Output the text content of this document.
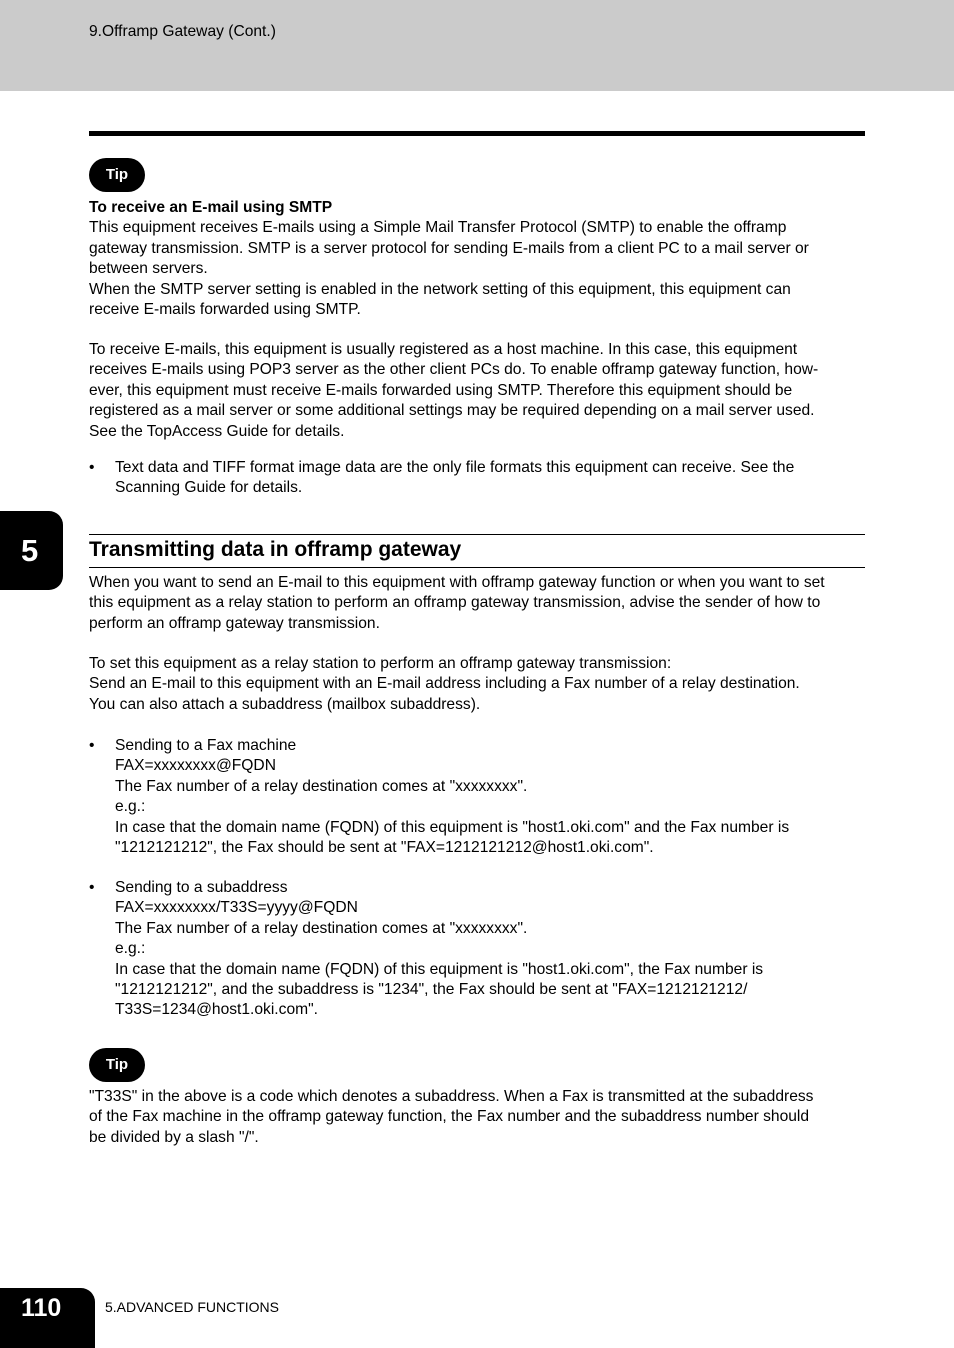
9.Offramp Gateway (Cont.)
Tip
To receive an E-mail using SMTP
This equipment receives E-mails using a Simple Mail Transfer Protocol (SMTP) to enable the offramp
gateway transmission. SMTP is a server protocol for sending E-mails from a client PC to a mail server or
between servers.
When the SMTP server setting is enabled in the network setting of this equipment, this equipment can
receive E-mails forwarded using SMTP.
To receive E-mails, this equipment is usually registered as a host machine. In this case, this equipment
receives E-mails using POP3 server as the other client PCs do. To enable offramp gateway function, how-
ever, this equipment must receive E-mails forwarded using SMTP. Therefore this equipment should be
registered as a mail server or some additional settings may be required depending on a mail server used.
See the TopAccess Guide for details.
• Text data and TIFF format image data are the only file formats this equipment can receive. See the
Scanning Guide for details.
5	Transmitting data in offramp gateway
When you want to send an E-mail to this equipment with offramp gateway function or when you want to set
this equipment as a relay station to perform an offramp gateway transmission, advise the sender of how to
perform an offramp gateway transmission.
To set this equipment as a relay station to perform an offramp gateway transmission:
Send an E-mail to this equipment with an E-mail address including a Fax number of a relay destination.
You can also attach a subaddress (mailbox subaddress).
• Sending to a Fax machine
FAX=xxxxxxxx@FQDN
The Fax number of a relay destination comes at "xxxxxxxx".
e.g.:
In case that the domain name (FQDN) of this equipment is "host1.oki.com" and the Fax number is
"1212121212", the Fax should be sent at "FAX=1212121212@host1.oki.com".
• Sending to a subaddress
FAX=xxxxxxxx/T33S=yyyy@FQDN
The Fax number of a relay destination comes at "xxxxxxxx".
e.g.:
In case that the domain name (FQDN) of this equipment is "host1.oki.com", the Fax number is
"1212121212", and the subaddress is "1234", the Fax should be sent at "FAX=1212121212/
T33S=1234@host1.oki.com".
Tip
"T33S" in the above is a code which denotes a subaddress. When a Fax is transmitted at the subaddress
of the Fax machine in the offramp gateway function, the Fax number and the subaddress number should
be divided by a slash "/".
110	5.ADVANCED FUNCTIONS
